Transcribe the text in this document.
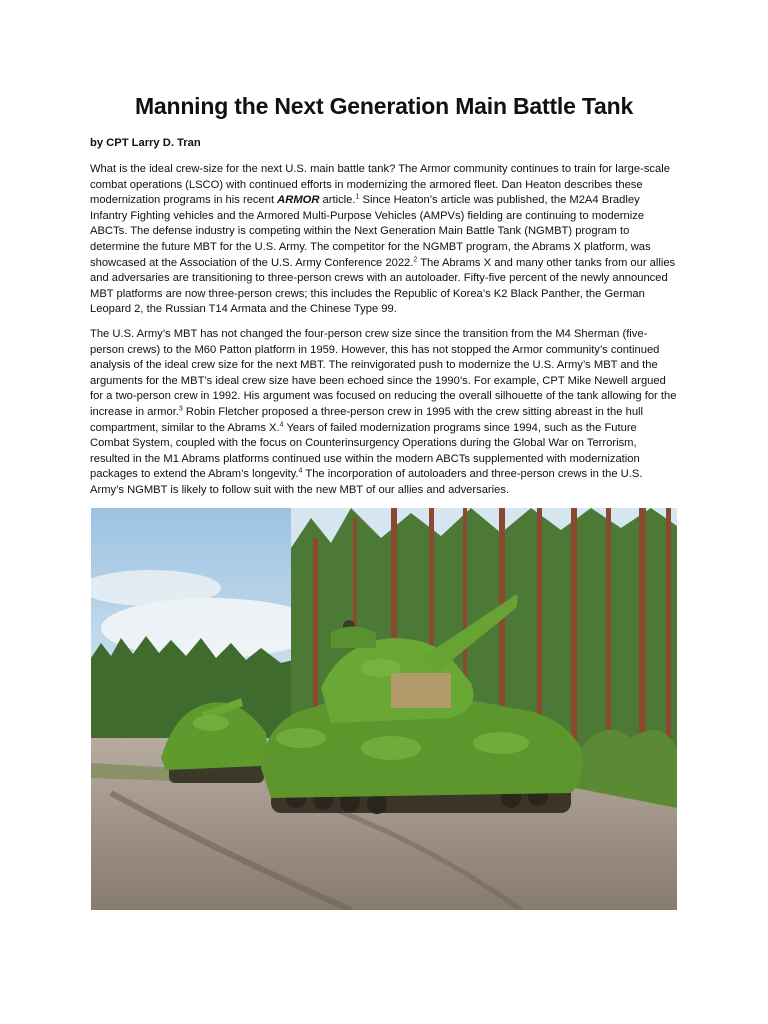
Manning the Next Generation Main Battle Tank
by CPT Larry D. Tran

What is the ideal crew-size for the next U.S. main battle tank? The Armor community continues to train for large-scale combat operations (LSCO) with continued efforts in modernizing the armored fleet. Dan Heaton describes these modernization programs in his recent ARMOR article.$^1$ Since Heaton’s article was published, the M2A4 Bradley Infantry Fighting vehicles and the Armored Multi-Purpose Vehicles (AMPVs) fielding are continuing to modernize ABCTs. The defense industry is competing within the Next Generation Main Battle Tank (NGMBT) program to determine the future MBT for the U.S. Army. The competitor for the NGMBT program, the Abrams X platform, was showcased at the Association of the U.S. Army Conference 2022.$^2$ The Abrams X and many other tanks from our allies and adversaries are transitioning to three-person crews with an autoloader. Fifty-five percent of the newly announced MBT platforms are now three-person crews; this includes the Republic of Korea’s K2 Black Panther, the German Leopard 2, the Russian T14 Armata and the Chinese Type 99.

The U.S. Army’s MBT has not changed the four-person crew size since the transition from the M4 Sherman (five-person crews) to the M60 Patton platform in 1959. However, this has not stopped the Armor community’s continued analysis of the ideal crew size for the next MBT. The reinvigorated push to modernize the U.S. Army’s MBT and the arguments for the MBT’s ideal crew size have been echoed since the 1990’s. For example, CPT Mike Newell argued for a two-person crew in 1992. His argument was focused on reducing the overall silhouette of the tank allowing for the increase in armor.$^3$ Robin Fletcher proposed a three-person crew in 1995 with the crew sitting abreast in the hull compartment, similar to the Abrams X.$^4$ Years of failed modernization programs since 1994, such as the Future Combat System, coupled with the focus on Counterinsurgency Operations during the Global War on Terrorism, resulted in the M1 Abrams platforms continued use within the modern ABCTs supplemented with modernization packages to extend the Abram’s longevity.$^4$ The incorporation of autoloaders and three-person crews in the U.S. Army’s NGMBT is likely to follow suit with the new MBT of our allies and adversaries.
